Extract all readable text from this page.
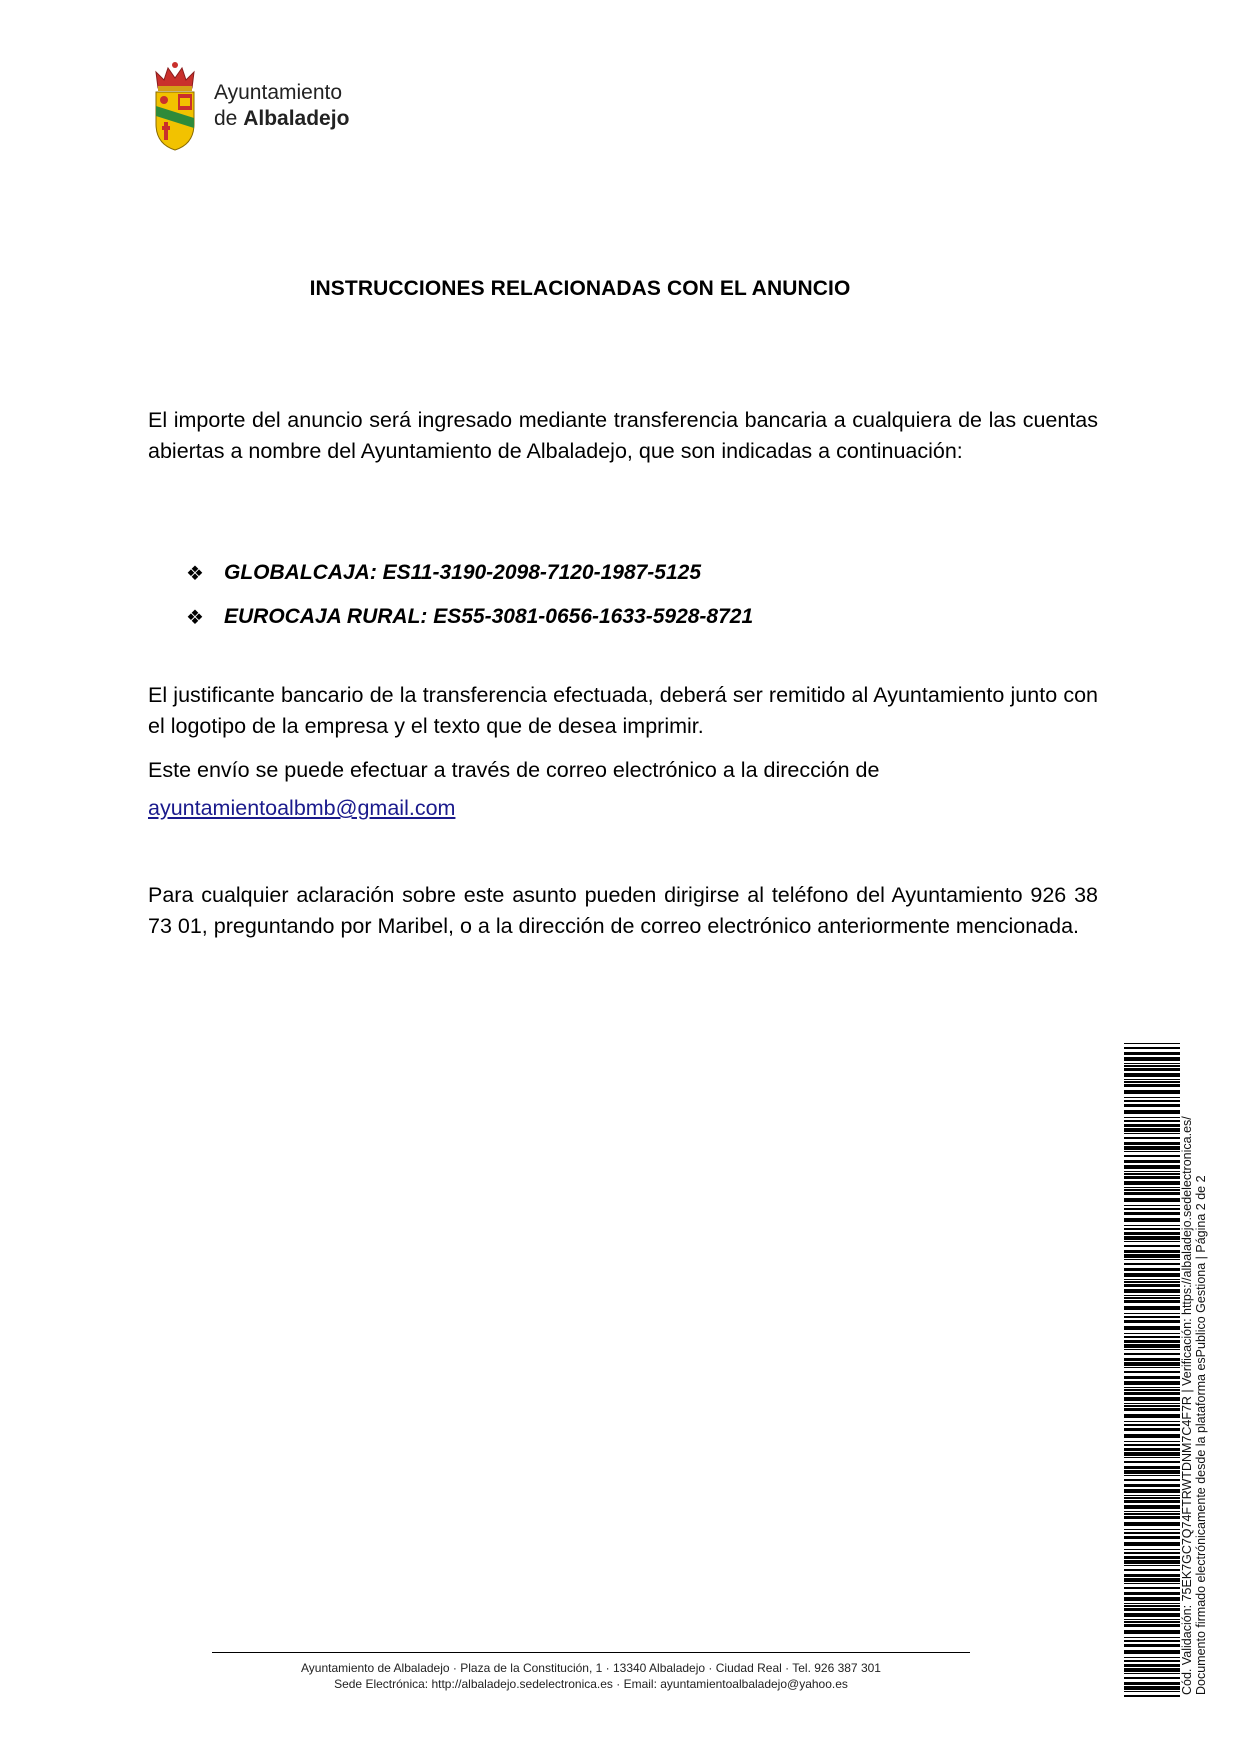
Ayuntamiento
de Albaladejo
INSTRUCCIONES RELACIONADAS CON EL ANUNCIO
El importe del anuncio será ingresado mediante transferencia bancaria a cualquiera de las cuentas abiertas a nombre del Ayuntamiento de Albaladejo, que son indicadas a continuación:
❖ GLOBALCAJA: ES11-3190-2098-7120-1987-5125
❖ EUROCAJA RURAL: ES55-3081-0656-1633-5928-8721
El justificante bancario de la transferencia efectuada, deberá ser remitido al Ayuntamiento junto con el logotipo de la empresa y el texto que de desea imprimir.
Este envío se puede efectuar a través de correo electrónico a la dirección de
ayuntamientoalbmb@gmail.com
Para cualquier aclaración sobre este asunto pueden dirigirse al teléfono del Ayuntamiento 926 38 73 01, preguntando por Maribel, o a la dirección de correo electrónico anteriormente mencionada.
Ayuntamiento de Albaladejo · Plaza de la Constitución, 1 · 13340 Albaladejo · Ciudad Real · Tel. 926 387 301
Sede Electrónica: http://albaladejo.sedelectronica.es · Email: ayuntamientoalbaladejo@yahoo.es	Cód. Validación: 75EK7GC7Q74FTRWTDNM7C4F7R | Verificación: https://albaladejo.sedelectronica.es/ Documento firmado electrónicamente desde la plataforma esPublico Gestiona | Página 2 de 2
